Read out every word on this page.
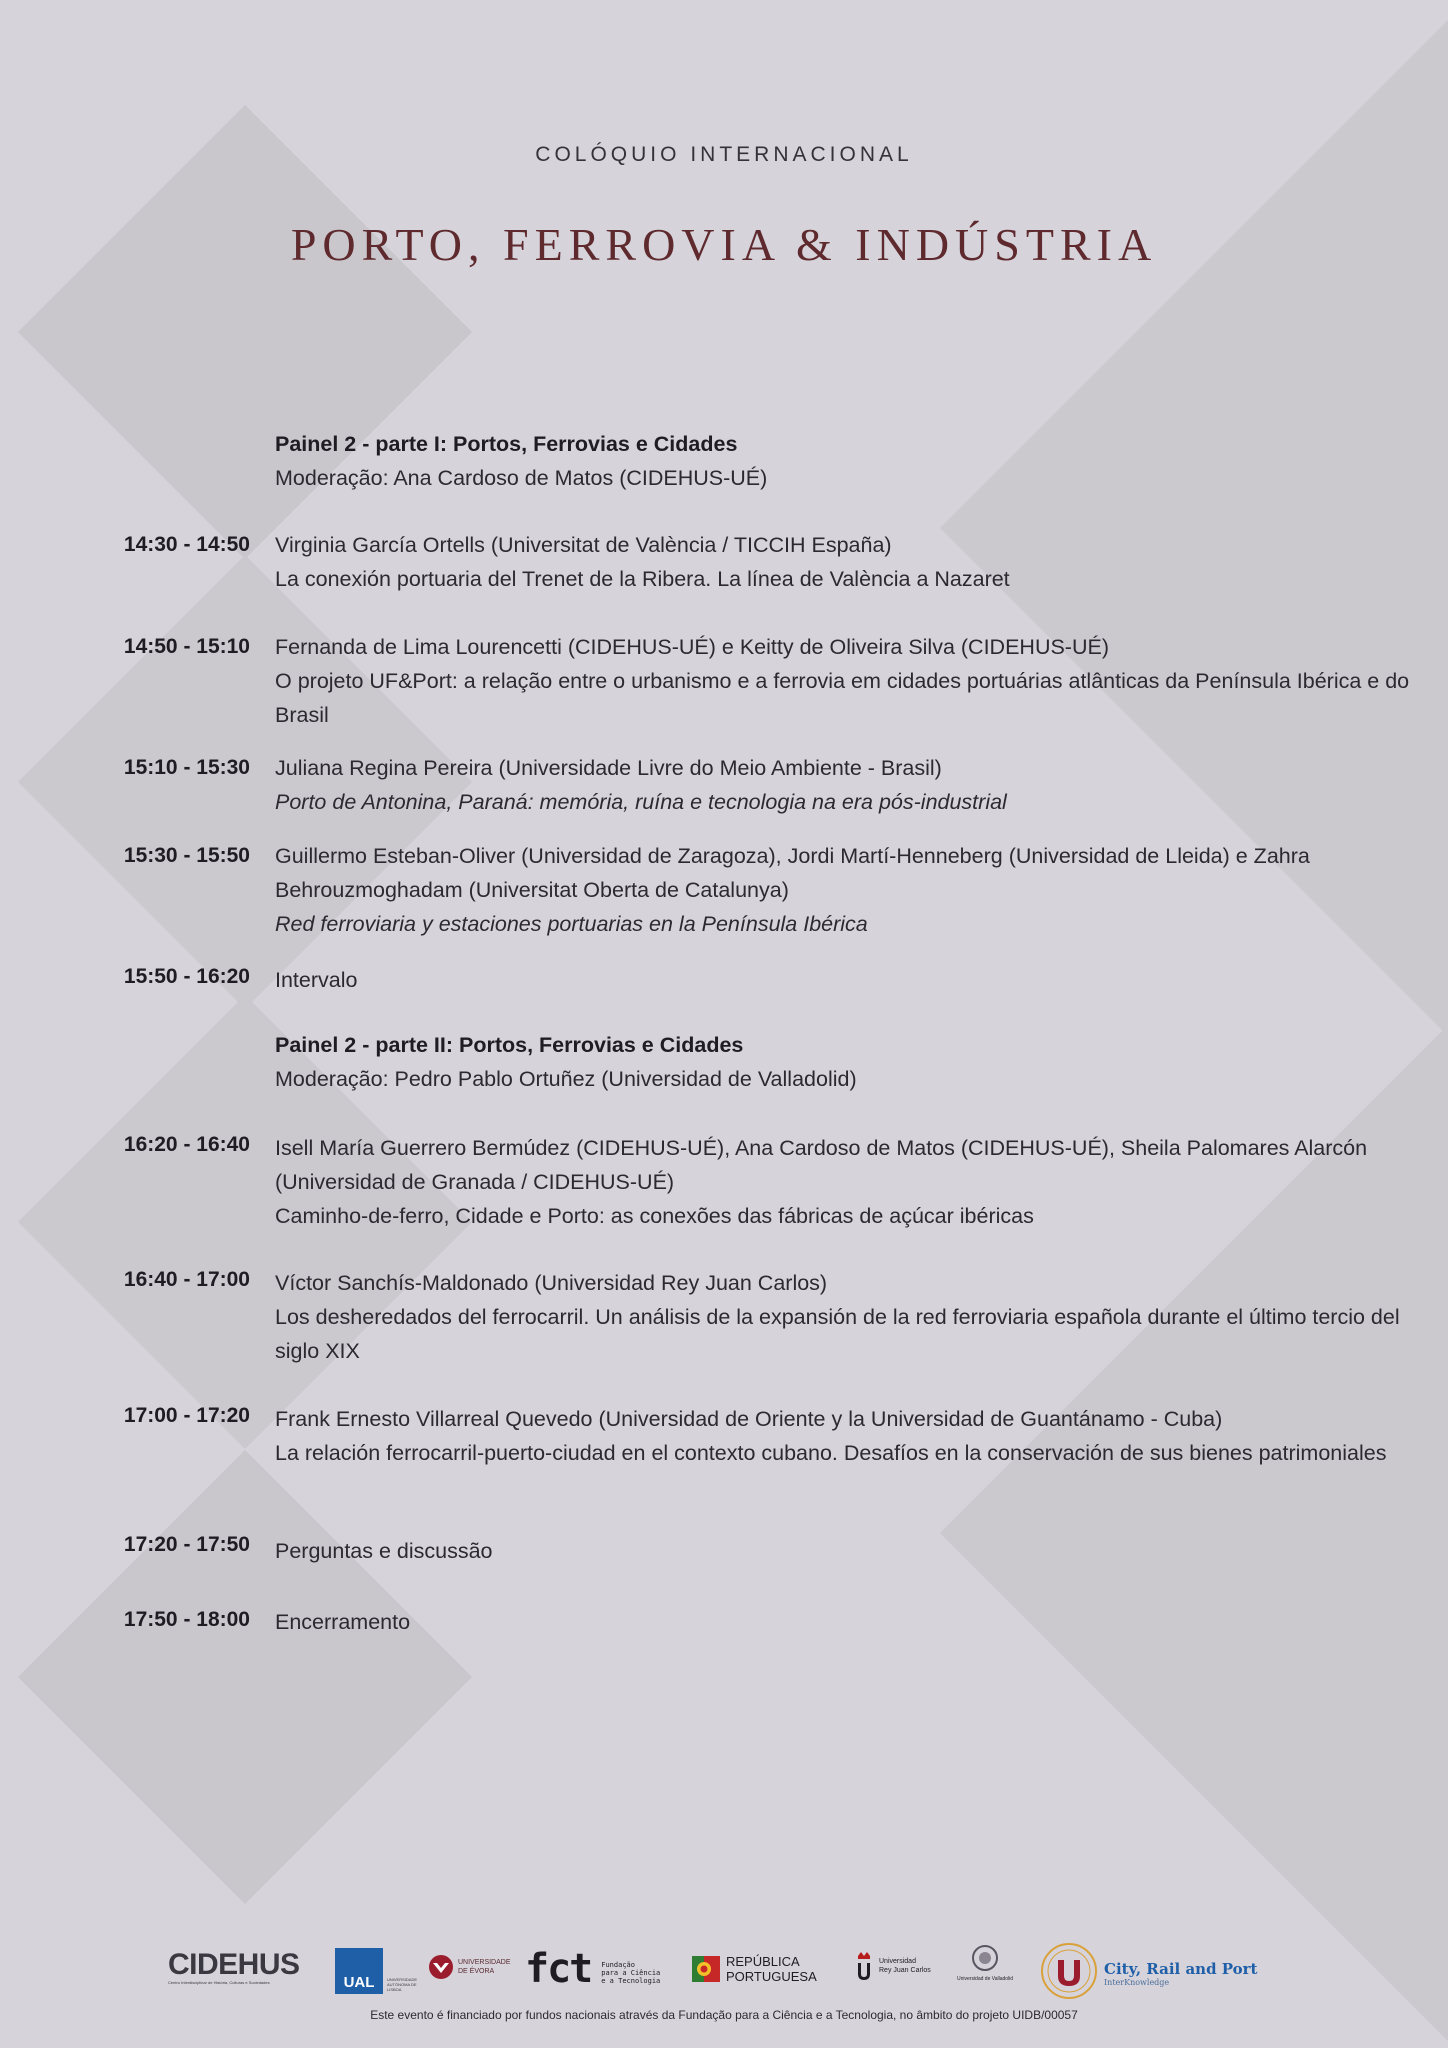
COLÓQUIO INTERNACIONAL
PORTO, FERROVIA & INDÚSTRIA
Painel 2 - parte I: Portos, Ferrovias e Cidades
Moderação: Ana Cardoso de Matos (CIDEHUS-UÉ)
14:30 - 14:50 Virginia García Ortells (Universitat de València / TICCIH España)
La conexión portuaria del Trenet de la Ribera. La línea de València a Nazaret
14:50 - 15:10 Fernanda de Lima Lourencetti (CIDEHUS-UÉ) e Keitty de Oliveira Silva (CIDEHUS-UÉ)
O projeto UF&Port: a relação entre o urbanismo e a ferrovia em cidades portuárias atlânticas da Península Ibérica e do Brasil
15:10 - 15:30 Juliana Regina Pereira (Universidade Livre do Meio Ambiente - Brasil)
Porto de Antonina, Paraná: memória, ruína e tecnologia na era pós-industrial
15:30 - 15:50 Guillermo Esteban-Oliver (Universidad de Zaragoza), Jordi Martí-Henneberg (Universidad de Lleida) e Zahra Behrouzmoghadam (Universitat Oberta de Catalunya)
Red ferroviaria y estaciones portuarias en la Península Ibérica
15:50 - 16:20 Intervalo
Painel 2 - parte II: Portos, Ferrovias e Cidades
Moderação: Pedro Pablo Ortuñez (Universidad de Valladolid)
16:20 - 16:40 Isell María Guerrero Bermúdez (CIDEHUS-UÉ), Ana Cardoso de Matos (CIDEHUS-UÉ), Sheila Palomares Alarcón (Universidad de Granada / CIDEHUS-UÉ)
Caminho-de-ferro, Cidade e Porto: as conexões das fábricas de açúcar ibéricas
16:40 - 17:00 Víctor Sanchís-Maldonado (Universidad Rey Juan Carlos)
Los desheredados del ferrocarril. Un análisis de la expansión de la red ferroviaria española durante el último tercio del siglo XIX
17:00 - 17:20 Frank Ernesto Villarreal Quevedo (Universidad de Oriente y la Universidad de Guantánamo - Cuba)
La relación ferrocarril-puerto-ciudad en el contexto cubano. Desafíos en la conservación de sus bienes patrimoniales
17:20 - 17:50 Perguntas e discussão
17:50 - 18:00 Encerramento
CIDEHUS
Centro Interdisciplinar de História, Culturas e Sociedades	UAL	UNIVERSIDADE AUTÓNOMA DE LISBOA
UNIVERSIDADE
DE ÉVORA fct Fundação
para a Ciência
e a Tecnologia
REPÚBLICA
PORTUGUESA
Universidad
Rey Juan Carlos
Universidad de Valladolid
City, Rail and Port
InterKnowledge
Este evento é financiado por fundos nacionais através da Fundação para a Ciência e a Tecnologia, no âmbito do projeto UIDB/00057
